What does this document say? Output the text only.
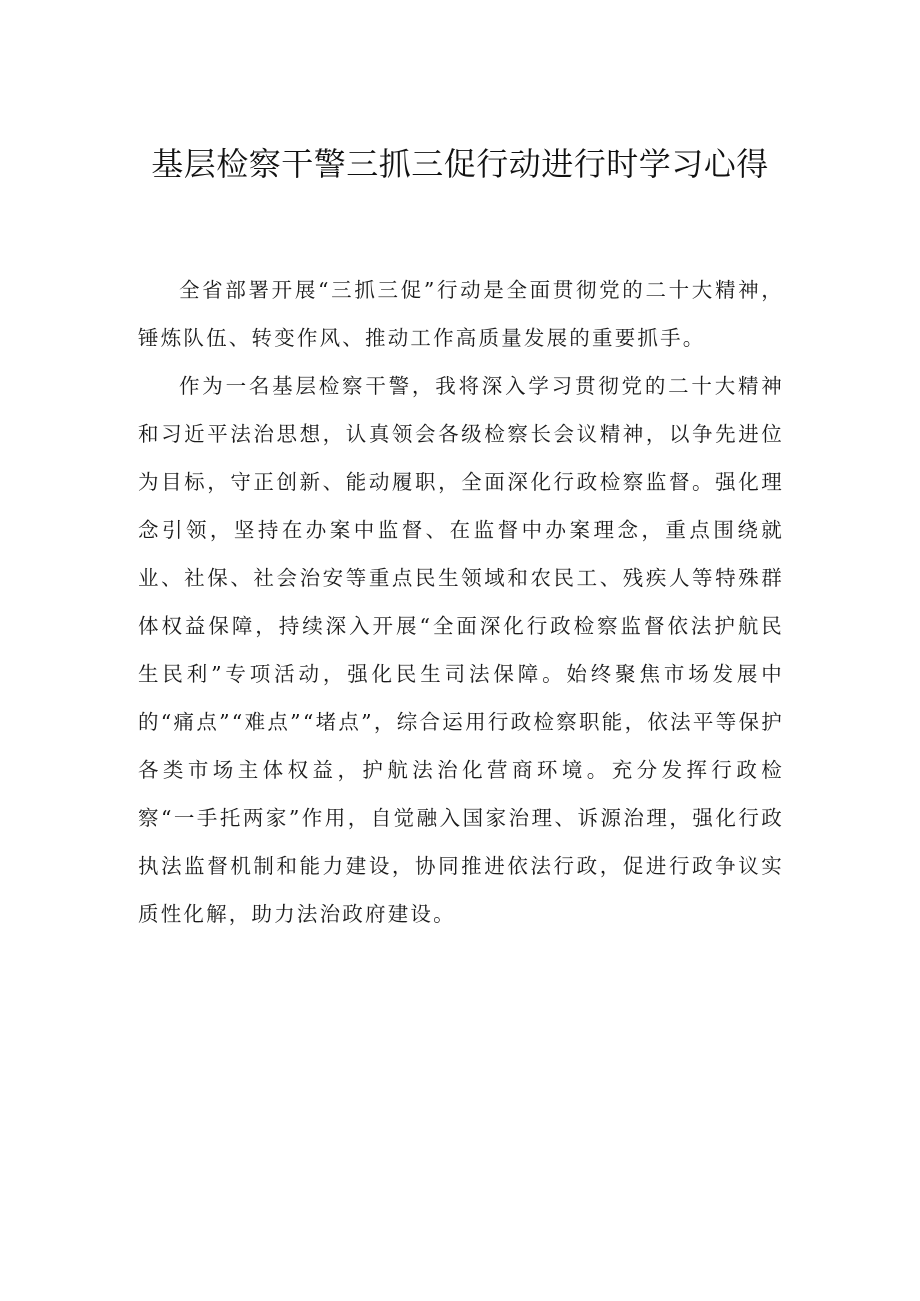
基层检察干警三抓三促行动进行时学习心得

全省部署开展“三抓三促”行动是全面贯彻党的二十大精神，锤炼队伍、转变作风、推动工作高质量发展的重要抓手。

作为一名基层检察干警，我将深入学习贯彻党的二十大精神和习近平法治思想，认真领会各级检察长会议精神，以争先进位为目标，守正创新、能动履职，全面深化行政检察监督。强化理念引领，坚持在办案中监督、在监督中办案理念，重点围绕就业、社保、社会治安等重点民生领域和农民工、残疾人等特殊群体权益保障，持续深入开展“全面深化行政检察监督依法护航民生民利”专项活动，强化民生司法保障。始终聚焦市场发展中的“痛点”“难点”“堵点”，综合运用行政检察职能，依法平等保护各类市场主体权益，护航法治化营商环境。充分发挥行政检察“一手托两家”作用，自觉融入国家治理、诉源治理，强化行政执法监督机制和能力建设，协同推进依法行政，促进行政争议实质性化解，助力法治政府建设。
